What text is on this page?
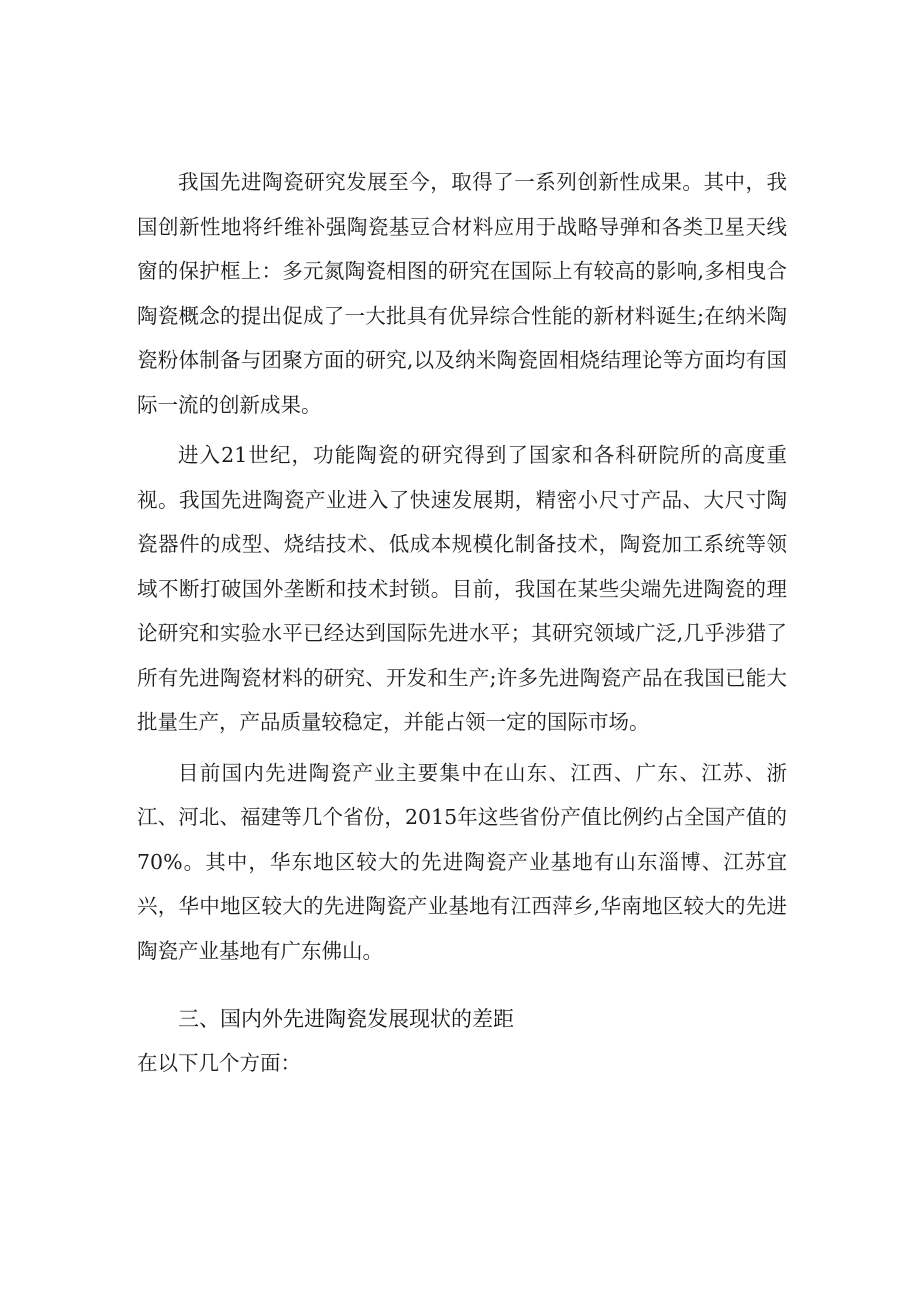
我国先进陶瓷研究发展至今，取得了一系列创新性成果。其中，我国创新性地将纤维补强陶瓷基豆合材料应用于战略导弹和各类卫星天线窗的保护框上：多元氮陶瓷相图的研究在国际上有较高的影响,多相曳合陶瓷概念的提出促成了一大批具有优异综合性能的新材料诞生;在纳米陶瓷粉体制备与团聚方面的研究,以及纳米陶瓷固相烧结理论等方面均有国际一流的创新成果。

进入21世纪，功能陶瓷的研究得到了国家和各科研院所的高度重视。我国先进陶瓷产业进入了快速发展期，精密小尺寸产品、大尺寸陶瓷器件的成型、烧结技术、低成本规模化制备技术，陶瓷加工系统等领域不断打破国外垄断和技术封锁。目前，我国在某些尖端先进陶瓷的理论研究和实验水平已经达到国际先进水平；其研究领域广泛,几乎涉猎了所有先进陶瓷材料的研究、开发和生产;许多先进陶瓷产品在我国已能大批量生产，产品质量较稳定，并能占领一定的国际市场。

目前国内先进陶瓷产业主要集中在山东、江西、广东、江苏、浙江、河北、福建等几个省份，2015年这些省份产值比例约占全国产值的70%。其中，华东地区较大的先进陶瓷产业基地有山东淄博、江苏宜兴，华中地区较大的先进陶瓷产业基地有江西萍乡,华南地区较大的先进陶瓷产业基地有广东佛山。

三、国内外先进陶瓷发展现状的差距

在以下几个方面：
